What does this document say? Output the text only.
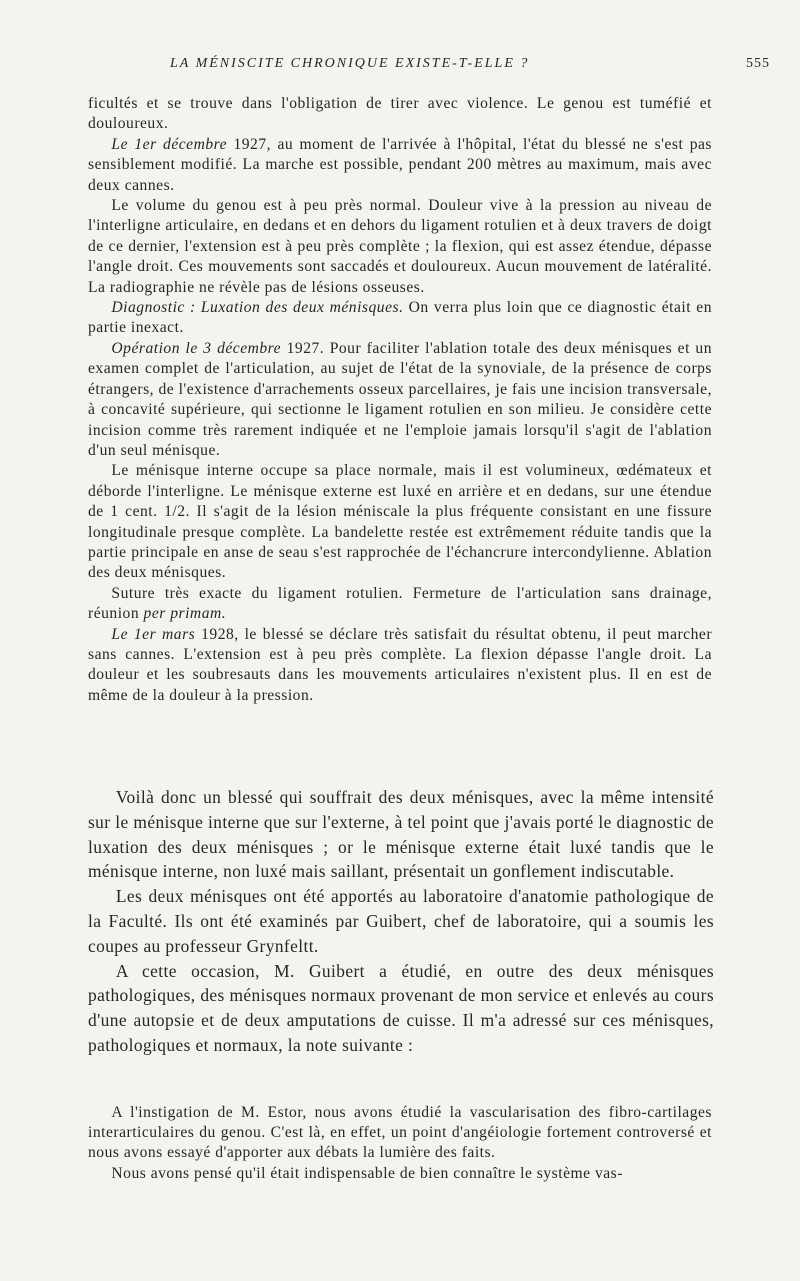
LA MÉNISCITE CHRONIQUE EXISTE-T-ELLE ?	555

ficultés et se trouve dans l'obligation de tirer avec violence. Le genou est tuméfié et douloureux.

Le 1er décembre 1927, au moment de l'arrivée à l'hôpital, l'état du blessé ne s'est pas sensiblement modifié. La marche est possible, pendant 200 mètres au maximum, mais avec deux cannes.

Le volume du genou est à peu près normal. Douleur vive à la pression au niveau de l'interligne articulaire, en dedans et en dehors du ligament rotulien et à deux travers de doigt de ce dernier, l'extension est à peu près complète ; la flexion, qui est assez étendue, dépasse l'angle droit. Ces mouvements sont saccadés et douloureux. Aucun mouvement de latéralité. La radiographie ne révèle pas de lésions osseuses.

Diagnostic : Luxation des deux ménisques. On verra plus loin que ce diagnostic était en partie inexact.

Opération le 3 décembre 1927. Pour faciliter l'ablation totale des deux ménisques et un examen complet de l'articulation, au sujet de l'état de la synoviale, de la présence de corps étrangers, de l'existence d'arrachements osseux parcellaires, je fais une incision transversale, à concavité supérieure, qui sectionne le ligament rotulien en son milieu. Je considère cette incision comme très rarement indiquée et ne l'emploie jamais lorsqu'il s'agit de l'ablation d'un seul ménisque.

Le ménisque interne occupe sa place normale, mais il est volumineux, œdémateux et déborde l'interligne. Le ménisque externe est luxé en arrière et en dedans, sur une étendue de 1 cent. 1/2. Il s'agit de la lésion méniscale la plus fréquente consistant en une fissure longitudinale presque complète. La bandelette restée est extrêmement réduite tandis que la partie principale en anse de seau s'est rapprochée de l'échancrure intercondylienne. Ablation des deux ménisques.

Suture très exacte du ligament rotulien. Fermeture de l'articulation sans drainage, réunion per primam.

Le 1er mars 1928, le blessé se déclare très satisfait du résultat obtenu, il peut marcher sans cannes. L'extension est à peu près complète. La flexion dépasse l'angle droit. La douleur et les soubresauts dans les mouvements articulaires n'existent plus. Il en est de même de la douleur à la pression.

Voilà donc un blessé qui souffrait des deux ménisques, avec la même intensité sur le ménisque interne que sur l'externe, à tel point que j'avais porté le diagnostic de luxation des deux ménisques ; or le ménisque externe était luxé tandis que le ménisque interne, non luxé mais saillant, présentait un gonflement indiscutable.

Les deux ménisques ont été apportés au laboratoire d'anatomie pathologique de la Faculté. Ils ont été examinés par Guibert, chef de laboratoire, qui a soumis les coupes au professeur Grynfeltt.

A cette occasion, M. Guibert a étudié, en outre des deux ménisques pathologiques, des ménisques normaux provenant de mon service et enlevés au cours d'une autopsie et de deux amputations de cuisse. Il m'a adressé sur ces ménisques, pathologiques et normaux, la note suivante :

A l'instigation de M. Estor, nous avons étudié la vascularisation des fibro-cartilages interarticulaires du genou. C'est là, en effet, un point d'angéiologie fortement controversé et nous avons essayé d'apporter aux débats la lumière des faits.

Nous avons pensé qu'il était indispensable de bien connaître le système vas-
